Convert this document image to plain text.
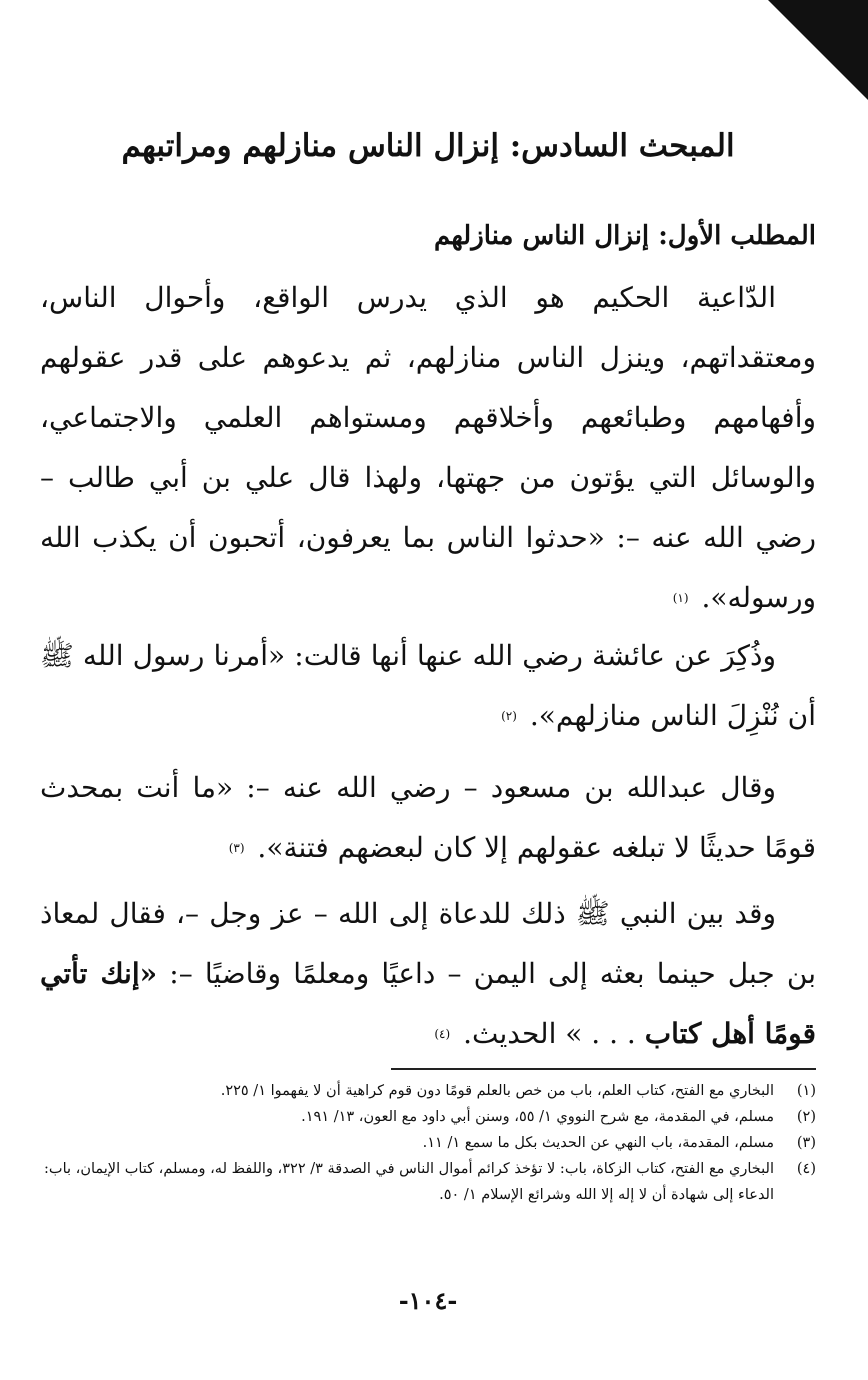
المبحث السادس: إنزال الناس منازلهم ومراتبهم
المطلب الأول: إنزال الناس منازلهم
الدّاعية الحكيم هو الذي يدرس الواقع، وأحوال الناس، ومعتقداتهم، وينزل الناس منازلهم، ثم يدعوهم على قدر عقولهم وأفهامهم وطبائعهم وأخلاقهم ومستواهم العلمي والاجتماعي، والوسائل التي يؤتون من جهتها، ولهذا قال علي بن أبي طالب – رضي الله عنه –: «حدثوا الناس بما يعرفون، أتحبون أن يكذب الله ورسوله». $^{(١)}$
وذُكِرَ عن عائشة رضي الله عنها أنها قالت: «أمرنا رسول الله ﷺ أن نُنْزِلَ الناس منازلهم». $^{(٢)}$
وقال عبدالله بن مسعود – رضي الله عنه –: «ما أنت بمحدث قومًا حديثًا لا تبلغه عقولهم إلا كان لبعضهم فتنة». $^{(٣)}$
وقد بين النبي ﷺ ذلك للدعاة إلى الله – عز وجل –، فقال لمعاذ بن جبل حينما بعثه إلى اليمن – داعيًا ومعلمًا وقاضيًا –: «إنك تأتي قومًا أهل كتاب . . . » الحديث. $^{(٤)}$
(١)
البخاري مع الفتح، كتاب العلم، باب من خص بالعلم قومًا دون قوم كراهية أن لا يفهموا ١/ ٢٢٥.
(٢)
مسلم، في المقدمة، مع شرح النووي ١/ ٥٥، وسنن أبي داود مع العون، ١٣/ ١٩١.
(٣)
مسلم، المقدمة، باب النهي عن الحديث بكل ما سمع ١/ ١١.
(٤)
البخاري مع الفتح، كتاب الزكاة، باب: لا تؤخذ كرائم أموال الناس في الصدقة ٣/ ٣٢٢، واللفظ له، ومسلم، كتاب الإيمان، باب: الدعاء إلى شهادة أن لا إله إلا الله وشرائع الإسلام ١/ ٥٠.
-١٠٤-
